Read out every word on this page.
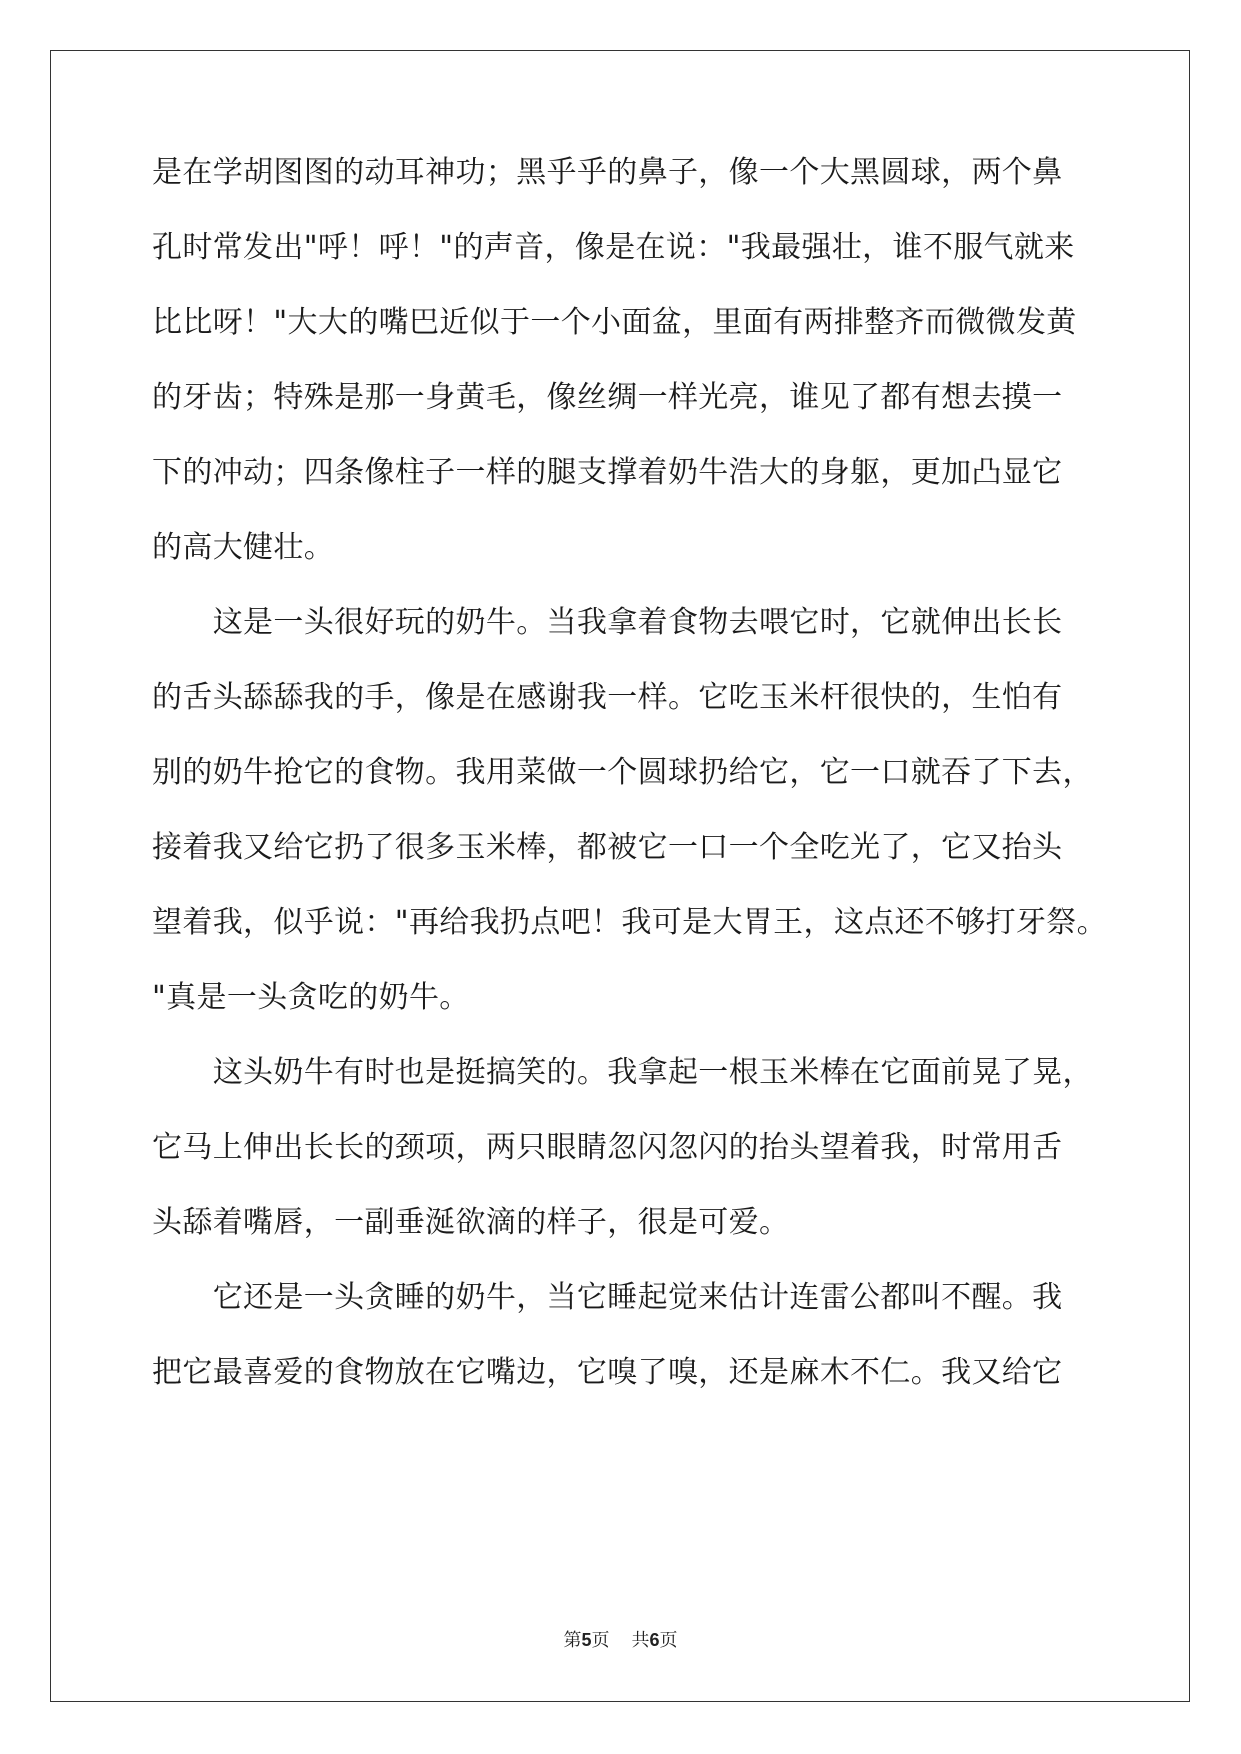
是在学胡图图的动耳神功；黑乎乎的鼻子，像一个大黑圆球，两个鼻
孔时常发出"呼！呼！"的声音，像是在说："我最强壮，谁不服气就来
比比呀！"大大的嘴巴近似于一个小面盆，里面有两排整齐而微微发黄
的牙齿；特殊是那一身黄毛，像丝绸一样光亮，谁见了都有想去摸一
下的冲动；四条像柱子一样的腿支撑着奶牛浩大的身躯，更加凸显它
的高大健壮。
　　这是一头很好玩的奶牛。当我拿着食物去喂它时，它就伸出长长
的舌头舔舔我的手，像是在感谢我一样。它吃玉米杆很快的，生怕有
别的奶牛抢它的食物。我用菜做一个圆球扔给它，它一口就吞了下去，
接着我又给它扔了很多玉米棒，都被它一口一个全吃光了，它又抬头
望着我，似乎说："再给我扔点吧！我可是大胃王，这点还不够打牙祭。
"真是一头贪吃的奶牛。
　　这头奶牛有时也是挺搞笑的。我拿起一根玉米棒在它面前晃了晃，
它马上伸出长长的颈项，两只眼睛忽闪忽闪的抬头望着我，时常用舌
头舔着嘴唇，一副垂涎欲滴的样子，很是可爱。
　　它还是一头贪睡的奶牛，当它睡起觉来估计连雷公都叫不醒。我
把它最喜爱的食物放在它嘴边，它嗅了嗅，还是麻木不仁。我又给它
第5页 共6页
